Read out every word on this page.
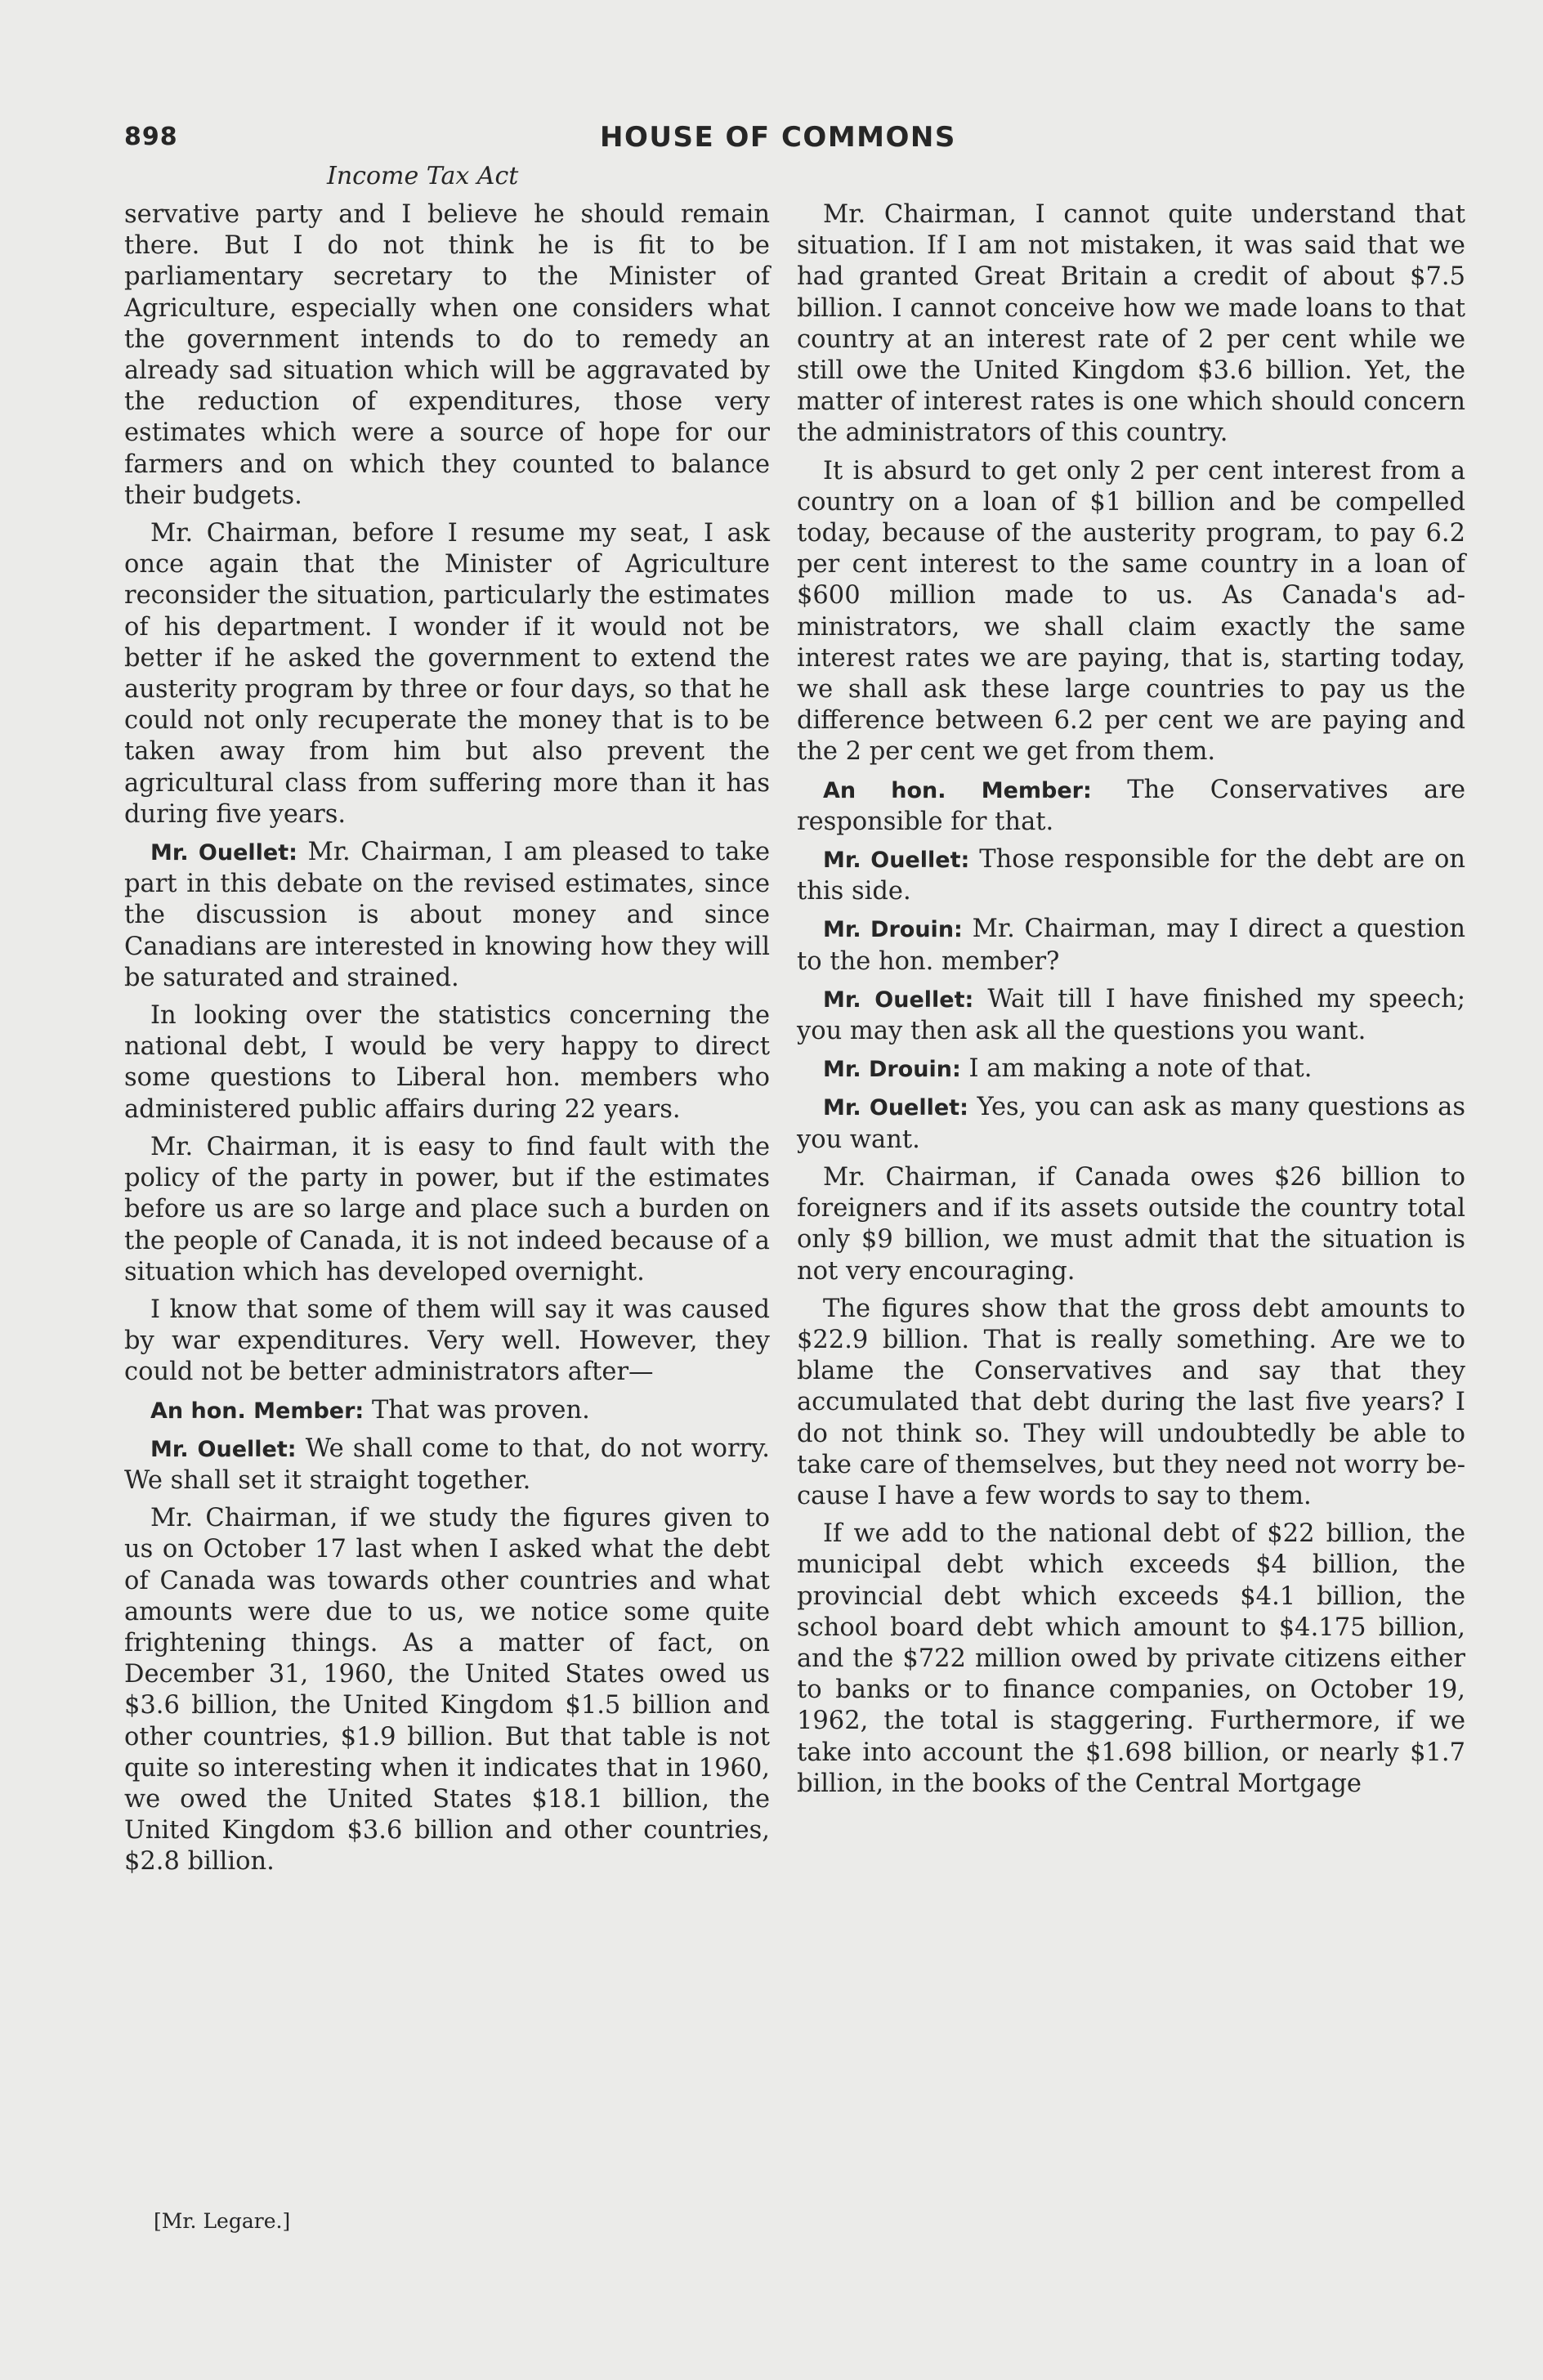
898	HOUSE OF COMMONS
Income Tax Act

servative party and I believe he should remain there. But I do not think he is fit to be parliamentary secretary to the Minister of Agriculture, especially when one considers what the government intends to do to remedy an already sad situation which will be aggravated by the reduction of expenditures, those very estimates which were a source of hope for our farmers and on which they counted to balance their budgets.

Mr. Chairman, before I resume my seat, I ask once again that the Minister of Agriculture reconsider the situation, particularly the estimates of his department. I wonder if it would not be better if he asked the government to extend the austerity program by three or four days, so that he could not only recuperate the money that is to be taken away from him but also prevent the agricultural class from suffering more than it has during five years.

Mr. Ouellet: Mr. Chairman, I am pleased to take part in this debate on the revised estimates, since the discussion is about money and since Canadians are interested in knowing how they will be saturated and strained.

In looking over the statistics concerning the national debt, I would be very happy to direct some questions to Liberal hon. members who administered public affairs during 22 years.

Mr. Chairman, it is easy to find fault with the policy of the party in power, but if the estimates before us are so large and place such a burden on the people of Canada, it is not indeed because of a situation which has developed overnight.

I know that some of them will say it was caused by war expenditures. Very well. However, they could not be better administrators after—

An hon. Member: That was proven.

Mr. Ouellet: We shall come to that, do not worry. We shall set it straight together.

Mr. Chairman, if we study the figures given to us on October 17 last when I asked what the debt of Canada was towards other countries and what amounts were due to us, we notice some quite frightening things. As a matter of fact, on December 31, 1960, the United States owed us $3.6 billion, the United Kingdom $1.5 billion and other countries, $1.9 billion. But that table is not quite so interesting when it indicates that in 1960, we owed the United States $18.1 billion, the United Kingdom $3.6 billion and other countries, $2.8 billion.

[Mr. Legare.]

Mr. Chairman, I cannot quite understand that situation. If I am not mistaken, it was said that we had granted Great Britain a credit of about $7.5 billion. I cannot conceive how we made loans to that country at an interest rate of 2 per cent while we still owe the United Kingdom $3.6 billion. Yet, the matter of interest rates is one which should concern the administrators of this country.

It is absurd to get only 2 per cent interest from a country on a loan of $1 billion and be compelled today, because of the austerity program, to pay 6.2 per cent interest to the same country in a loan of $600 million made to us. As Canada's administrators, we shall claim exactly the same interest rates we are paying, that is, starting today, we shall ask these large countries to pay us the difference between 6.2 per cent we are paying and the 2 per cent we get from them.

An hon. Member: The Conservatives are responsible for that.

Mr. Ouellet: Those responsible for the debt are on this side.

Mr. Drouin: Mr. Chairman, may I direct a question to the hon. member?

Mr. Ouellet: Wait till I have finished my speech; you may then ask all the questions you want.

Mr. Drouin: I am making a note of that.

Mr. Ouellet: Yes, you can ask as many questions as you want.

Mr. Chairman, if Canada owes $26 billion to foreigners and if its assets outside the country total only $9 billion, we must admit that the situation is not very encouraging.

The figures show that the gross debt amounts to $22.9 billion. That is really something. Are we to blame the Conservatives and say that they accumulated that debt during the last five years? I do not think so. They will undoubtedly be able to take care of themselves, but they need not worry because I have a few words to say to them.

If we add to the national debt of $22 billion, the municipal debt which exceeds $4 billion, the provincial debt which exceeds $4.1 billion, the school board debt which amount to $4.175 billion, and the $722 million owed by private citizens either to banks or to finance companies, on October 19, 1962, the total is staggering. Furthermore, if we take into account the $1.698 billion, or nearly $1.7 billion, in the books of the Central Mortgage
